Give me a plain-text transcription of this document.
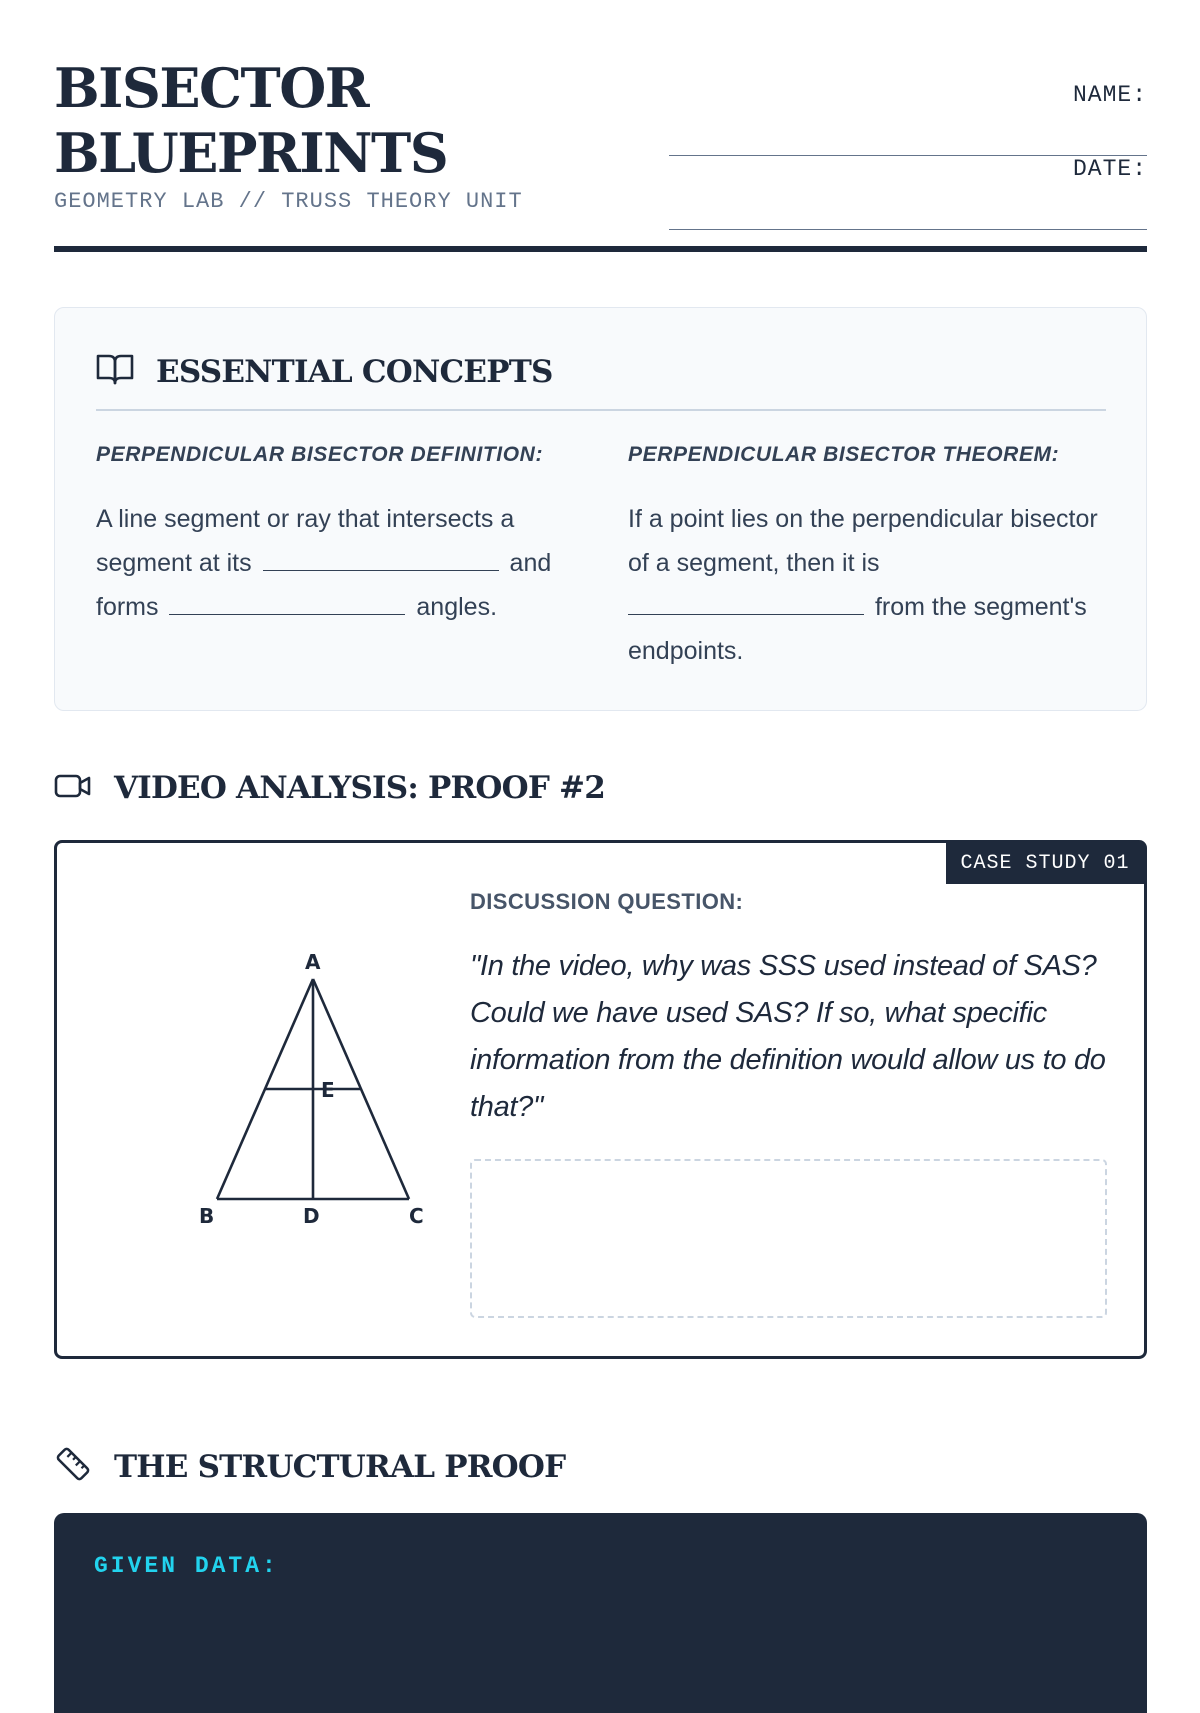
BISECTOR
BLUEPRINTS
GEOMETRY LAB // TRUSS THEORY UNIT
NAME:
DATE:
ESSENTIAL CONCEPTS
PERPENDICULAR BISECTOR DEFINITION:
A line segment or ray that intersects a segment at its	and forms	angles.
PERPENDICULAR BISECTOR THEOREM:
If a point lies on the perpendicular bisector of a segment, then it is  from the segment's endpoints.
VIDEO ANALYSIS: PROOF #2
CASE STUDY 01
A
E
B	D	C
DISCUSSION QUESTION:
"In the video, why was SSS used instead of SAS? Could we have used SAS? If so, what specific information from the definition would allow us to do that?"
THE STRUCTURAL PROOF
GIVEN DATA:
